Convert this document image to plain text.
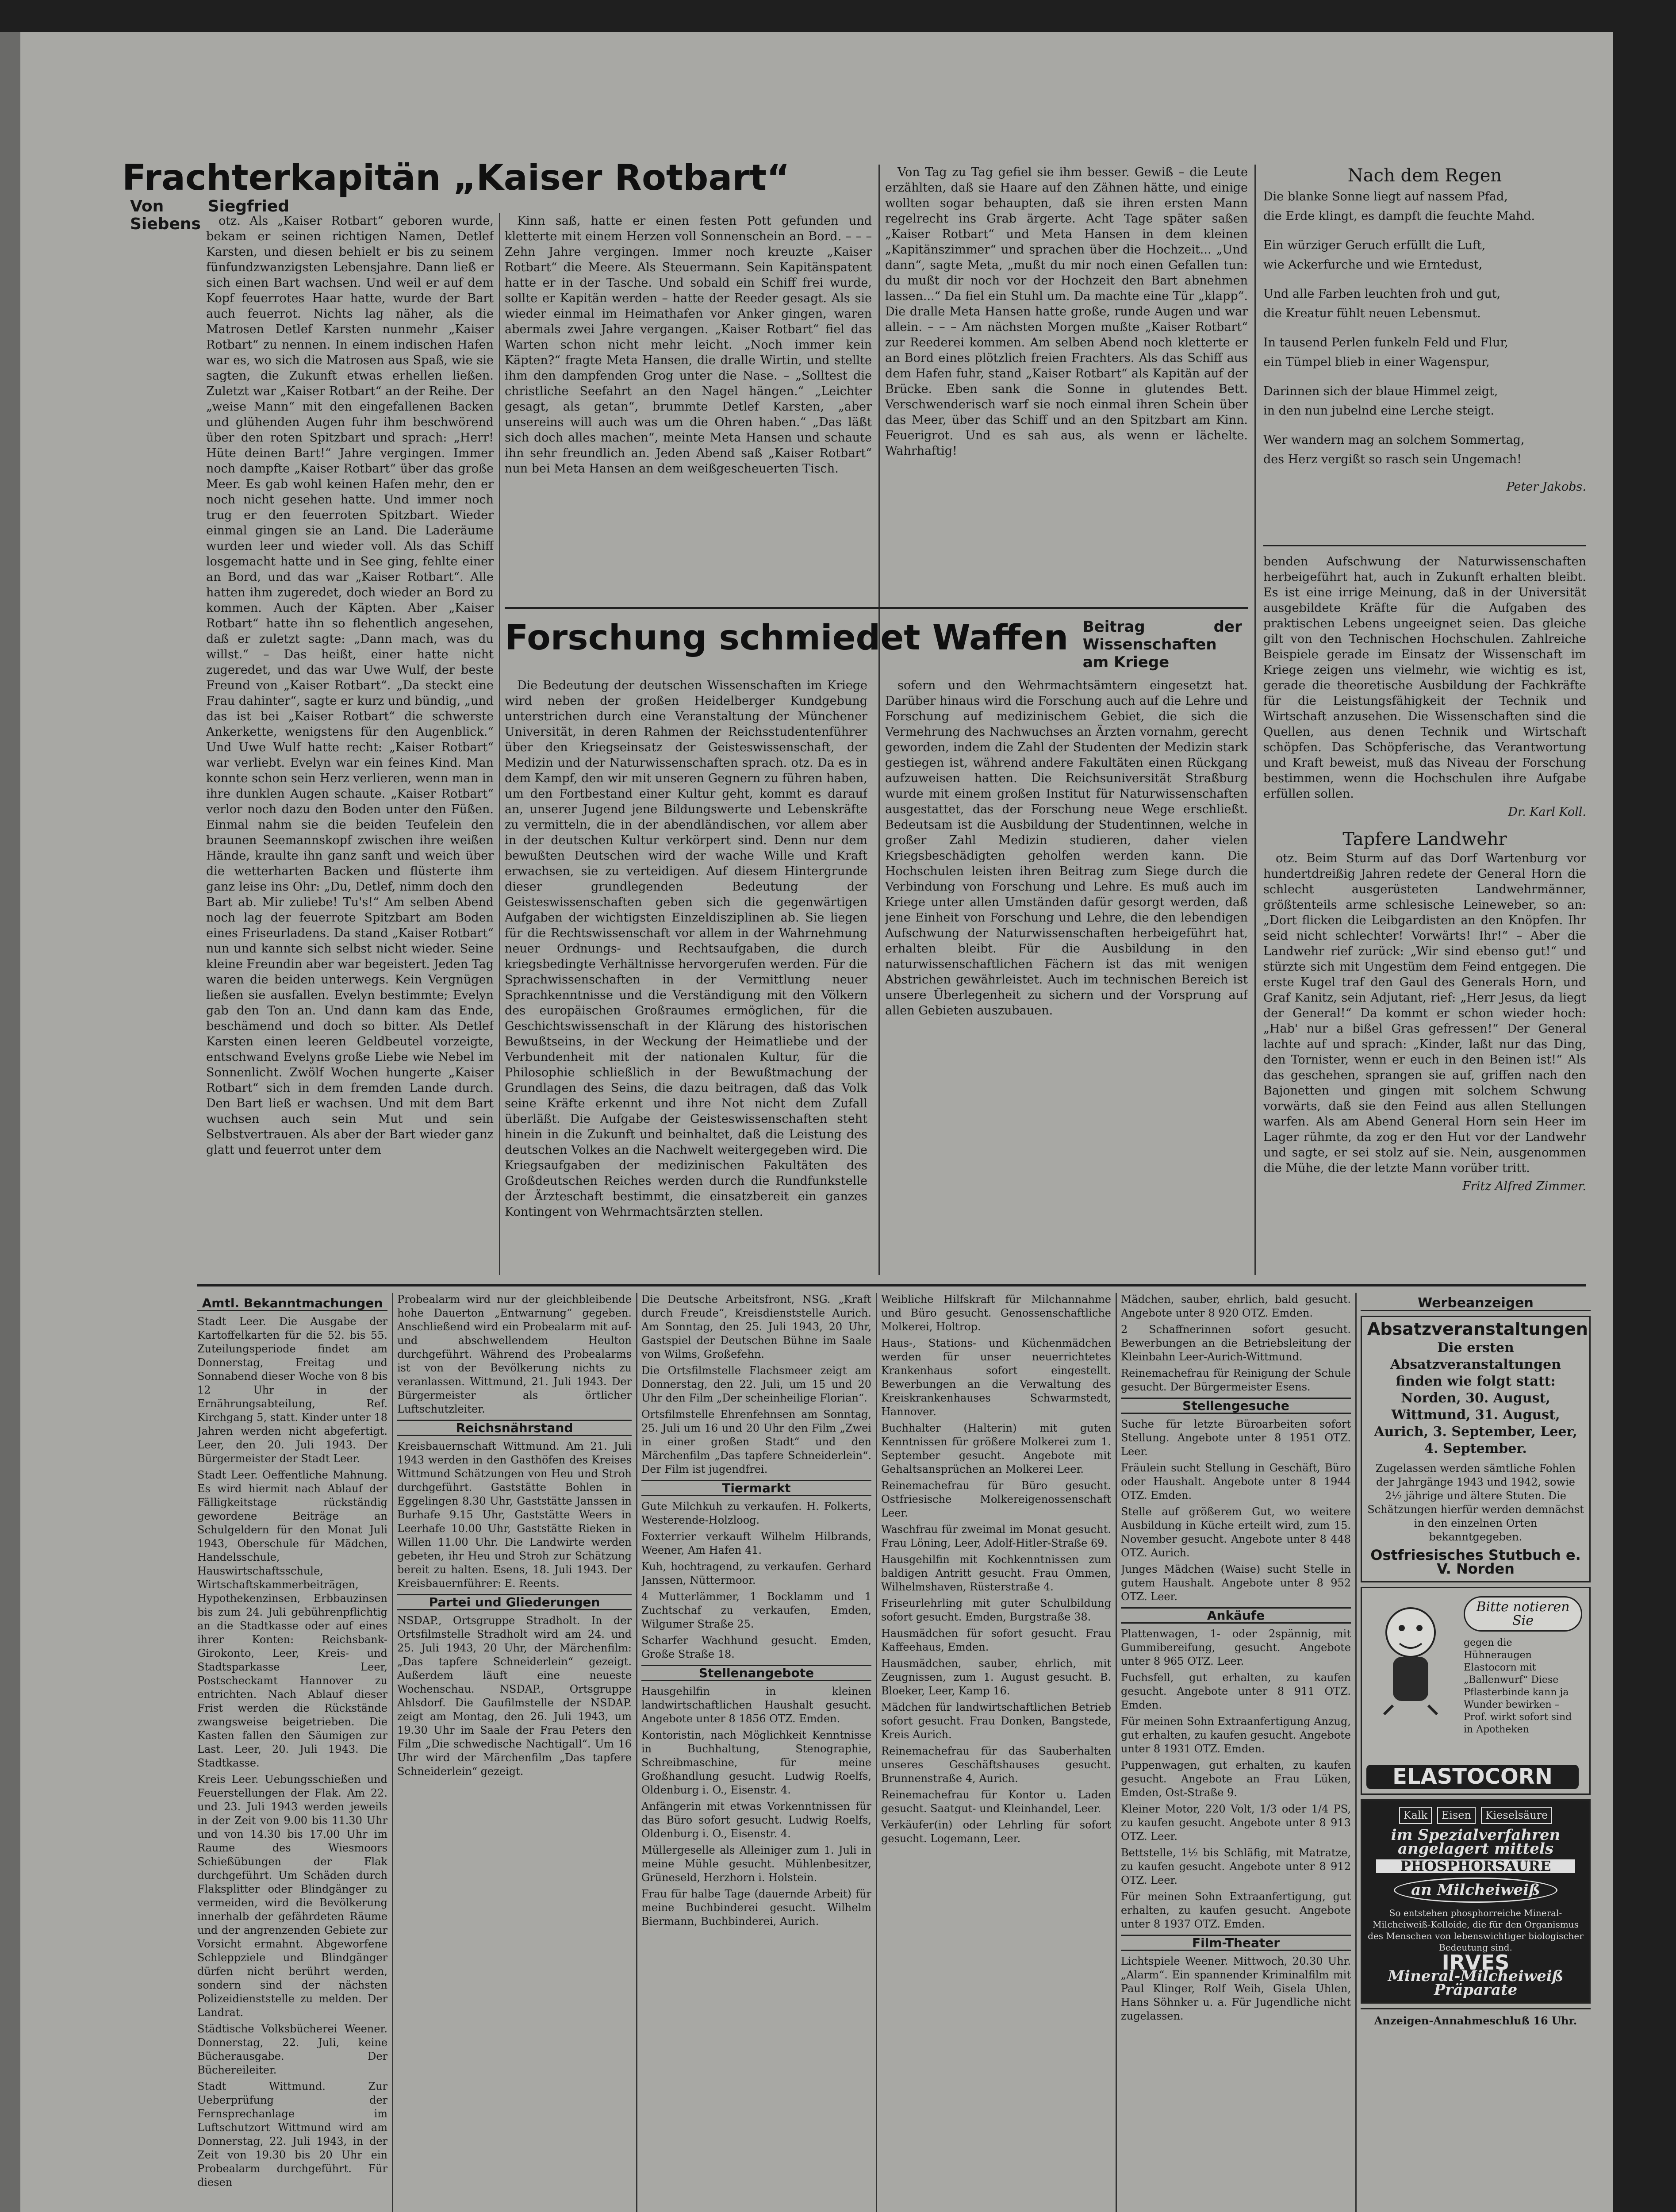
Frachterkapitän „Kaiser Rotbart“ Von Siegfried Siebens	otz. Als „Kaiser Rotbart“ geboren wurde, bekam er seinen richtigen Namen, Detlef Karsten, und diesen behielt er bis zu seinem fünfundzwanzigsten Lebensjahre. Dann ließ er sich einen Bart wachsen. Und weil er auf dem Kopf feuerrotes Haar hatte, wurde der Bart auch feuerrot. Nichts lag näher, als die Matrosen Detlef Karsten nunmehr „Kaiser Rotbart“ zu nennen. In einem indischen Hafen war es, wo sich die Matrosen aus Spaß, wie sie sagten, die Zukunft etwas erhellen ließen. Zuletzt war „Kaiser Rotbart“ an der Reihe. Der „weise Mann“ mit den eingefallenen Backen und glühenden Augen fuhr ihm beschwörend über den roten Spitzbart und sprach: „Herr! Hüte deinen Bart!“ Jahre vergingen. Immer noch dampfte „Kaiser Rotbart“ über das große Meer. Es gab wohl keinen Hafen mehr, den er noch nicht gesehen hatte. Und immer noch trug er den feuerroten Spitzbart. Wieder einmal gingen sie an Land. Die Laderäume wurden leer und wieder voll. Als das Schiff losgemacht hatte und in See ging, fehlte einer an Bord, und das war „Kaiser Rotbart“. Alle hatten ihm zugeredet, doch wieder an Bord zu kommen. Auch der Käpten. Aber „Kaiser Rotbart“ hatte ihn so flehentlich angesehen, daß er zuletzt sagte: „Dann mach, was du willst.“ – Das heißt, einer hatte nicht zugeredet, und das war Uwe Wulf, der beste Freund von „Kaiser Rotbart“. „Da steckt eine Frau dahinter“, sagte er kurz und bündig, „und das ist bei „Kaiser Rotbart“ die schwerste Ankerkette, wenigstens für den Augenblick.“ Und Uwe Wulf hatte recht: „Kaiser Rotbart“ war verliebt. Evelyn war ein feines Kind. Man konnte schon sein Herz verlieren, wenn man in ihre dunklen Augen schaute. „Kaiser Rotbart“ verlor noch dazu den Boden unter den Füßen. Einmal nahm sie die beiden Teufelein den braunen Seemannskopf zwischen ihre weißen Hände, kraulte ihn ganz sanft und weich über die wetterharten Backen und flüsterte ihm ganz leise ins Ohr: „Du, Detlef, nimm doch den Bart ab. Mir zuliebe! Tu's!“ Am selben Abend noch lag der feuerrote Spitzbart am Boden eines Friseurladens. Da stand „Kaiser Rotbart“ nun und kannte sich selbst nicht wieder. Seine kleine Freundin aber war begeistert. Jeden Tag waren die beiden unterwegs. Kein Vergnügen ließen sie ausfallen. Evelyn bestimmte; Evelyn gab den Ton an. Und dann kam das Ende, beschämend und doch so bitter. Als Detlef Karsten einen leeren Geldbeutel vorzeigte, entschwand Evelyns große Liebe wie Nebel im Sonnenlicht. Zwölf Wochen hungerte „Kaiser Rotbart“ sich in dem fremden Lande durch. Den Bart ließ er wachsen. Und mit dem Bart wuchsen auch sein Mut und sein Selbstvertrauen. Als aber der Bart wieder ganz glatt und feuerrot unter dem

Kinn saß, hatte er einen festen Pott gefunden und kletterte mit einem Herzen voll Sonnenschein an Bord. – – – Zehn Jahre vergingen. Immer noch kreuzte „Kaiser Rotbart“ die Meere. Als Steuermann. Sein Kapitänspatent hatte er in der Tasche. Und sobald ein Schiff frei wurde, sollte er Kapitän werden – hatte der Reeder gesagt. Als sie wieder einmal im Heimathafen vor Anker gingen, waren abermals zwei Jahre vergangen. „Kaiser Rotbart“ fiel das Warten schon nicht mehr leicht. „Noch immer kein Käpten?“ fragte Meta Hansen, die dralle Wirtin, und stellte ihm den dampfenden Grog unter die Nase. – „Solltest die christliche Seefahrt an den Nagel hängen.“ „Leichter gesagt, als getan“, brummte Detlef Karsten, „aber unsereins will auch was um die Ohren haben.“ „Das läßt sich doch alles machen“, meinte Meta Hansen und schaute ihn sehr freundlich an. Jeden Abend saß „Kaiser Rotbart“ nun bei Meta Hansen an dem weißgescheuerten Tisch.

Von Tag zu Tag gefiel sie ihm besser. Gewiß – die Leute erzählten, daß sie Haare auf den Zähnen hätte, und einige wollten sogar behaupten, daß sie ihren ersten Mann regelrecht ins Grab ärgerte. Acht Tage später saßen „Kaiser Rotbart“ und Meta Hansen in dem kleinen „Kapitänszimmer“ und sprachen über die Hochzeit... „Und dann“, sagte Meta, „mußt du mir noch einen Gefallen tun: du mußt dir noch vor der Hochzeit den Bart abnehmen lassen...“ Da fiel ein Stuhl um. Da machte eine Tür „klapp“. Die dralle Meta Hansen hatte große, runde Augen und war allein. – – – Am nächsten Morgen mußte „Kaiser Rotbart“ zur Reederei kommen. Am selben Abend noch kletterte er an Bord eines plötzlich freien Frachters. Als das Schiff aus dem Hafen fuhr, stand „Kaiser Rotbart“ als Kapitän auf der Brücke. Eben sank die Sonne in glutendes Bett. Verschwenderisch warf sie noch einmal ihren Schein über das Meer, über das Schiff und an den Spitzbart am Kinn. Feuerigrot. Und es sah aus, als wenn er lächelte. Wahrhaftig!

Forschung schmiedet Waffen Beitrag der Wissenschaften am Kriege

Die Bedeutung der deutschen Wissenschaften im Kriege wird neben der großen Heidelberger Kundgebung unterstrichen durch eine Veranstaltung der Münchener Universität, in deren Rahmen der Reichsstudentenführer über den Kriegseinsatz der Geisteswissenschaft, der Medizin und der Naturwissenschaften sprach. otz. Da es in dem Kampf, den wir mit unseren Gegnern zu führen haben, um den Fortbestand einer Kultur geht, kommt es darauf an, unserer Jugend jene Bildungswerte und Lebenskräfte zu vermitteln, die in der abendländischen, vor allem aber in der deutschen Kultur verkörpert sind. Denn nur dem bewußten Deutschen wird der wache Wille und Kraft erwachsen, sie zu verteidigen. Auf diesem Hintergrunde dieser grundlegenden Bedeutung der Geisteswissenschaften geben sich die gegenwärtigen Aufgaben der wichtigsten Einzeldisziplinen ab. Sie liegen für die Rechtswissenschaft vor allem in der Wahrnehmung neuer Ordnungs- und Rechtsaufgaben, die durch kriegsbedingte Verhältnisse hervorgerufen werden. Für die Sprachwissenschaften in der Vermittlung neuer Sprachkenntnisse und die Verständigung mit den Völkern des europäischen Großraumes ermöglichen, für die Geschichtswissenschaft in der Klärung des historischen Bewußtseins, in der Weckung der Heimatliebe und der Verbundenheit mit der nationalen Kultur, für die Philosophie schließlich in der Bewußtmachung der Grundlagen des Seins, die dazu beitragen, daß das Volk seine Kräfte erkennt und ihre Not nicht dem Zufall überläßt. Die Aufgabe der Geisteswissenschaften steht hinein in die Zukunft und beinhaltet, daß die Leistung des deutschen Volkes an die Nachwelt weitergegeben wird. Die Kriegsaufgaben der medizinischen Fakultäten des Großdeutschen Reiches werden durch die Rundfunkstelle der Ärzteschaft bestimmt, die einsatzbereit ein ganzes Kontingent von Wehrmachtsärzten stellen.

sofern und den Wehrmachtsämtern eingesetzt hat. Darüber hinaus wird die Forschung auch auf die Lehre und Forschung auf medizinischem Gebiet, die sich die Vermehrung des Nachwuchses an Ärzten vornahm, gerecht geworden, indem die Zahl der Studenten der Medizin stark gestiegen ist, während andere Fakultäten einen Rückgang aufzuweisen hatten. Die Reichsuniversität Straßburg wurde mit einem großen Institut für Naturwissenschaften ausgestattet, das der Forschung neue Wege erschließt. Bedeutsam ist die Ausbildung der Studentinnen, welche in großer Zahl Medizin studieren, daher vielen Kriegsbeschädigten geholfen werden kann. Die Hochschulen leisten ihren Beitrag zum Siege durch die Verbindung von Forschung und Lehre. Es muß auch im Kriege unter allen Umständen dafür gesorgt werden, daß jene Einheit von Forschung und Lehre, die den lebendigen Aufschwung der Naturwissenschaften herbeigeführt hat, erhalten bleibt. Für die Ausbildung in den naturwissenschaftlichen Fächern ist das mit wenigen Abstrichen gewährleistet. Auch im technischen Bereich ist unsere Überlegenheit zu sichern und der Vorsprung auf allen Gebieten auszubauen.

Nach dem Regen
Die blanke Sonne liegt auf nassem Pfad,
die Erde klingt, es dampft die feuchte Mahd.
Ein würziger Geruch erfüllt die Luft,
wie Ackerfurche und wie Erntedust,
Und alle Farben leuchten froh und gut,
die Kreatur fühlt neuen Lebensmut.
In tausend Perlen funkeln Feld und Flur,
ein Tümpel blieb in einer Wagenspur,
Darinnen sich der blaue Himmel zeigt,
in den nun jubelnd eine Lerche steigt.
Wer wandern mag an solchem Sommertag,
des Herz vergißt so rasch sein Ungemach!
Peter Jakobs.

benden Aufschwung der Naturwissenschaften herbeigeführt hat, auch in Zukunft erhalten bleibt. Es ist eine irrige Meinung, daß in der Universität ausgebildete Kräfte für die Aufgaben des praktischen Lebens ungeeignet seien. Das gleiche gilt von den Technischen Hochschulen. Zahlreiche Beispiele gerade im Einsatz der Wissenschaft im Kriege zeigen uns vielmehr, wie wichtig es ist, gerade die theoretische Ausbildung der Fachkräfte für die Leistungsfähigkeit der Technik und Wirtschaft anzusehen. Die Wissenschaften sind die Quellen, aus denen Technik und Wirtschaft schöpfen. Das Schöpferische, das Verantwortung und Kraft beweist, muß das Niveau der Forschung bestimmen, wenn die Hochschulen ihre Aufgabe erfüllen sollen.

Dr. Karl Koll.
Tapfere Landwehr

otz. Beim Sturm auf das Dorf Wartenburg vor hundertdreißig Jahren redete der General Horn die schlecht ausgerüsteten Landwehrmänner, größtenteils arme schlesische Leineweber, so an: „Dort flicken die Leibgardisten an den Knöpfen. Ihr seid nicht schlechter! Vorwärts! Ihr!“ – Aber die Landwehr rief zurück: „Wir sind ebenso gut!“ und stürzte sich mit Ungestüm dem Feind entgegen. Die erste Kugel traf den Gaul des Generals Horn, und Graf Kanitz, sein Adjutant, rief: „Herr Jesus, da liegt der General!“ Da kommt er schon wieder hoch: „Hab' nur a bißel Gras gefressen!“ Der General lachte auf und sprach: „Kinder, laßt nur das Ding, den Tornister, wenn er euch in den Beinen ist!“ Als das geschehen, sprangen sie auf, griffen nach den Bajonetten und gingen mit solchem Schwung vorwärts, daß sie den Feind aus allen Stellungen warfen. Als am Abend General Horn sein Heer im Lager rühmte, da zog er den Hut vor der Landwehr und sagte, er sei stolz auf sie. Nein, ausgenommen die Mühe, die der letzte Mann vorüber tritt.

Fritz Alfred Zimmer.
Amtl. Bekanntmachungen

Stadt Leer. Die Ausgabe der Kartoffelkarten für die 52. bis 55. Zuteilungsperiode findet am Donnerstag, Freitag und Sonnabend dieser Woche von 8 bis 12 Uhr in der Ernährungsabteilung, Ref. Kirchgang 5, statt. Kinder unter 18 Jahren werden nicht abgefertigt. Leer, den 20. Juli 1943. Der Bürgermeister der Stadt Leer.

Stadt Leer. Oeffentliche Mahnung. Es wird hiermit nach Ablauf der Fälligkeitstage rückständig gewordene Beiträge an Schulgeldern für den Monat Juli 1943, Oberschule für Mädchen, Handelsschule, Hauswirtschaftsschule, Wirtschaftskammerbeiträgen, Hypothekenzinsen, Erbbauzinsen bis zum 24. Juli gebührenpflichtig an die Stadtkasse oder auf eines ihrer Konten: Reichsbank-Girokonto, Leer, Kreis- und Stadtsparkasse Leer, Postscheckamt Hannover zu entrichten. Nach Ablauf dieser Frist werden die Rückstände zwangsweise beigetrieben. Die Kasten fallen den Säumigen zur Last. Leer, 20. Juli 1943. Die Stadtkasse.

Kreis Leer. Uebungsschießen und Feuerstellungen der Flak. Am 22. und 23. Juli 1943 werden jeweils in der Zeit von 9.00 bis 11.30 Uhr und von 14.30 bis 17.00 Uhr im Raume des Wiesmoors Schießübungen der Flak durchgeführt. Um Schäden durch Flaksplitter oder Blindgänger zu vermeiden, wird die Bevölkerung innerhalb der gefährdeten Räume und der angrenzenden Gebiete zur Vorsicht ermahnt. Abgeworfene Schleppziele und Blindgänger dürfen nicht berührt werden, sondern sind der nächsten Polizeidienststelle zu melden. Der Landrat.

Städtische Volksbücherei Weener. Donnerstag, 22. Juli, keine Bücherausgabe. Der Büchereileiter.

Stadt Wittmund. Zur Ueberprüfung der Fernsprechanlage im Luftschutzort Wittmund wird am Donnerstag, 22. Juli 1943, in der Zeit von 19.30 bis 20 Uhr ein Probealarm durchgeführt. Für diesen

Probealarm wird nur der gleichbleibende hohe Dauerton „Entwarnung“ gegeben. Anschließend wird ein Probealarm mit auf- und abschwellendem Heulton durchgeführt. Während des Probealarms ist von der Bevölkerung nichts zu veranlassen. Wittmund, 21. Juli 1943. Der Bürgermeister als örtlicher Luftschutzleiter.

Reichsnährstand

Kreisbauernschaft Wittmund. Am 21. Juli 1943 werden in den Gasthöfen des Kreises Wittmund Schätzungen von Heu und Stroh durchgeführt. Gaststätte Bohlen in Eggelingen 8.30 Uhr, Gaststätte Janssen in Burhafe 9.15 Uhr, Gaststätte Weers in Leerhafe 10.00 Uhr, Gaststätte Rieken in Willen 11.00 Uhr. Die Landwirte werden gebeten, ihr Heu und Stroh zur Schätzung bereit zu halten. Esens, 18. Juli 1943. Der Kreisbauernführer: E. Reents.

Partei und Gliederungen

NSDAP., Ortsgruppe Stradholt. In der Ortsfilmstelle Stradholt wird am 24. und 25. Juli 1943, 20 Uhr, der Märchenfilm: „Das tapfere Schneiderlein“ gezeigt. Außerdem läuft eine neueste Wochenschau. NSDAP., Ortsgruppe Ahlsdorf. Die Gaufilmstelle der NSDAP. zeigt am Montag, den 26. Juli 1943, um 19.30 Uhr im Saale der Frau Peters den Film „Die schwedische Nachtigall“. Um 16 Uhr wird der Märchenfilm „Das tapfere Schneiderlein“ gezeigt.

Die Deutsche Arbeitsfront, NSG. „Kraft durch Freude“, Kreisdienststelle Aurich. Am Sonntag, den 25. Juli 1943, 20 Uhr, Gastspiel der Deutschen Bühne im Saale von Wilms, Großefehn.

Die Ortsfilmstelle Flachsmeer zeigt am Donnerstag, den 22. Juli, um 15 und 20 Uhr den Film „Der scheinheilige Florian“.

Ortsfilmstelle Ehrenfehnsen am Sonntag, 25. Juli um 16 und 20 Uhr den Film „Zwei in einer großen Stadt“ und den Märchenfilm „Das tapfere Schneiderlein“. Der Film ist jugendfrei.

Tiermarkt

Gute Milchkuh zu verkaufen. H. Folkerts, Westerende-Holzloog.

Foxterrier verkauft Wilhelm Hilbrands, Weener, Am Hafen 41.

Kuh, hochtragend, zu verkaufen. Gerhard Janssen, Nüttermoor.

4 Mutterlämmer, 1 Bocklamm und 1 Zuchtschaf zu verkaufen, Emden, Wilgumer Straße 25.

Scharfer Wachhund gesucht. Emden, Große Straße 18.

Stellenangebote

Hausgehilfin in kleinen landwirtschaftlichen Haushalt gesucht. Angebote unter 8 1856 OTZ. Emden.

Kontoristin, nach Möglichkeit Kenntnisse in Buchhaltung, Stenographie, Schreibmaschine, für meine Großhandlung gesucht. Ludwig Roelfs, Oldenburg i. O., Eisenstr. 4.

Anfängerin mit etwas Vorkenntnissen für das Büro sofort gesucht. Ludwig Roelfs, Oldenburg i. O., Eisenstr. 4.

Müllergeselle als Alleiniger zum 1. Juli in meine Mühle gesucht. Mühlenbesitzer, Grüneseld, Herzhorn i. Holstein.

Frau für halbe Tage (dauernde Arbeit) für meine Buchbinderei gesucht. Wilhelm Biermann, Buchbinderei, Aurich.

Weibliche Hilfskraft für Milchannahme und Büro gesucht. Genossenschaftliche Molkerei, Holtrop.

Haus-, Stations- und Küchenmädchen werden für unser neuerrichtetes Krankenhaus sofort eingestellt. Bewerbungen an die Verwaltung des Kreiskrankenhauses Schwarmstedt, Hannover.

Buchhalter (Halterin) mit guten Kenntnissen für größere Molkerei zum 1. September gesucht. Angebote mit Gehaltsansprüchen an Molkerei Leer.

Reinemachefrau für Büro gesucht. Ostfriesische Molkereigenossenschaft Leer.

Waschfrau für zweimal im Monat gesucht. Frau Löning, Leer, Adolf-Hitler-Straße 69.

Hausgehilfin mit Kochkenntnissen zum baldigen Antritt gesucht. Frau Ommen, Wilhelmshaven, Rüsterstraße 4.

Friseurlehrling mit guter Schulbildung sofort gesucht. Emden, Burgstraße 38.

Hausmädchen für sofort gesucht. Frau Kaffeehaus, Emden.

Hausmädchen, sauber, ehrlich, mit Zeugnissen, zum 1. August gesucht. B. Bloeker, Leer, Kamp 16.

Mädchen für landwirtschaftlichen Betrieb sofort gesucht. Frau Donken, Bangstede, Kreis Aurich.

Reinemachefrau für das Sauberhalten unseres Geschäftshauses gesucht. Brunnenstraße 4, Aurich.

Reinemachefrau für Kontor u. Laden gesucht. Saatgut- und Kleinhandel, Leer.

Verkäufer(in) oder Lehrling für sofort gesucht. Logemann, Leer.

Mädchen, sauber, ehrlich, bald gesucht. Angebote unter 8 920 OTZ. Emden.

2 Schaffnerinnen sofort gesucht. Bewerbungen an die Betriebsleitung der Kleinbahn Leer-Aurich-Wittmund.

Reinemachefrau für Reinigung der Schule gesucht. Der Bürgermeister Esens.

Stellengesuche

Suche für letzte Büroarbeiten sofort Stellung. Angebote unter 8 1951 OTZ. Leer.

Fräulein sucht Stellung in Geschäft, Büro oder Haushalt. Angebote unter 8 1944 OTZ. Emden.

Stelle auf größerem Gut, wo weitere Ausbildung in Küche erteilt wird, zum 15. November gesucht. Angebote unter 8 448 OTZ. Aurich.

Junges Mädchen (Waise) sucht Stelle in gutem Haushalt. Angebote unter 8 952 OTZ. Leer.

Ankäufe

Plattenwagen, 1- oder 2spännig, mit Gummibereifung, gesucht. Angebote unter 8 965 OTZ. Leer.

Fuchsfell, gut erhalten, zu kaufen gesucht. Angebote unter 8 911 OTZ. Emden.

Für meinen Sohn Extraanfertigung Anzug, gut erhalten, zu kaufen gesucht. Angebote unter 8 1931 OTZ. Emden.

Puppenwagen, gut erhalten, zu kaufen gesucht. Angebote an Frau Lüken, Emden, Ost-Straße 9.

Kleiner Motor, 220 Volt, 1/3 oder 1/4 PS, zu kaufen gesucht. Angebote unter 8 913 OTZ. Leer.

Bettstelle, 1½ bis Schläfig, mit Matratze, zu kaufen gesucht. Angebote unter 8 912 OTZ. Leer.

Für meinen Sohn Extraanfertigung, gut erhalten, zu kaufen gesucht. Angebote unter 8 1937 OTZ. Emden.

Film-Theater

Lichtspiele Weener. Mittwoch, 20.30 Uhr. „Alarm“. Ein spannender Kriminalfilm mit Paul Klinger, Rolf Weih, Gisela Uhlen, Hans Söhnker u. a. Für Jugendliche nicht zugelassen.

Werbeanzeigen
Absatzveranstaltungen
Die ersten Absatzveranstaltungen finden wie folgt statt: Norden, 30. August, Wittmund, 31. August, Aurich, 3. September, Leer, 4. September.
Zugelassen werden sämtliche Fohlen der Jahrgänge 1943 und 1942, sowie 2½ jährige und ältere Stuten. Die Schätzungen hierfür werden demnächst in den einzelnen Orten bekanntgegeben.
Ostfriesisches Stutbuch e. V. Norden
Bitte notieren Sie
gegen die Hühneraugen Elastocorn mit „Ballenwurf“ Diese Pflasterbinde kann ja Wunder bewirken – Prof. wirkt sofort sind in Apotheken
ELASTOCORN
Kalk Eisen Kieselsäure
im Spezialverfahren
angelagert mittels
PHOSPHORSÄURE
an Milcheiweiß
So entstehen phosphorreiche Mineral-Milcheiweiß-Kolloide, die für den Organismus des Menschen von lebenswichtiger biologischer Bedeutung sind.
IRVES
Mineral-Milcheiweiß Präparate
Anzeigen-Annahmeschluß 16 Uhr.
